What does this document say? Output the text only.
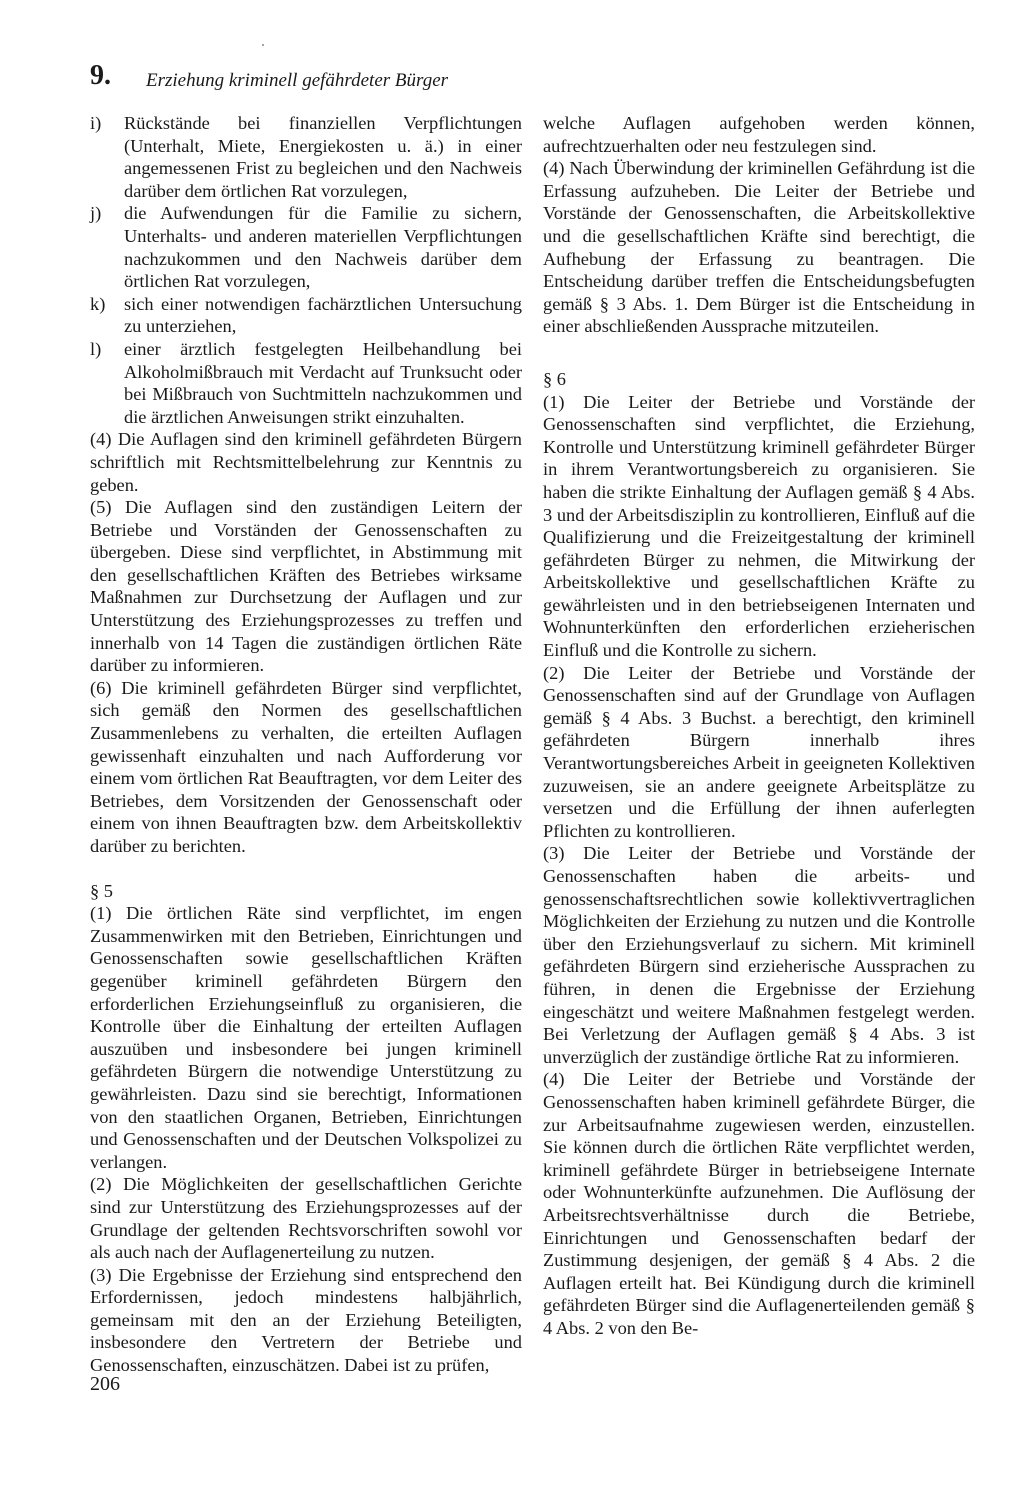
9. Erziehung kriminell gefährdeter Bürger

i) Rückstände bei finanziellen Verpflichtungen (Unterhalt, Miete, Energiekosten u. ä.) in einer angemessenen Frist zu begleichen und den Nachweis darüber dem örtlichen Rat vorzulegen,

j) die Aufwendungen für die Familie zu sichern, Unterhalts- und anderen materiellen Verpflichtungen nachzukommen und den Nachweis darüber dem örtlichen Rat vorzulegen,

k) sich einer notwendigen fachärztlichen Untersuchung zu unterziehen,

l) einer ärztlich festgelegten Heilbehandlung bei Alkoholmißbrauch mit Verdacht auf Trunksucht oder bei Mißbrauch von Suchtmitteln nachzukommen und die ärztlichen Anweisungen strikt einzuhalten.

(4) Die Auflagen sind den kriminell gefährdeten Bürgern schriftlich mit Rechtsmittelbelehrung zur Kenntnis zu geben.

(5) Die Auflagen sind den zuständigen Leitern der Betriebe und Vorständen der Genossenschaften zu übergeben. Diese sind verpflichtet, in Abstimmung mit den gesellschaftlichen Kräften des Betriebes wirksame Maßnahmen zur Durchsetzung der Auflagen und zur Unterstützung des Erziehungsprozesses zu treffen und innerhalb von 14 Tagen die zuständigen örtlichen Räte darüber zu informieren.

(6) Die kriminell gefährdeten Bürger sind verpflichtet, sich gemäß den Normen des gesellschaftlichen Zusammenlebens zu verhalten, die erteilten Auflagen gewissenhaft einzuhalten und nach Aufforderung vor einem vom örtlichen Rat Beauftragten, vor dem Leiter des Betriebes, dem Vorsitzenden der Genossenschaft oder einem von ihnen Beauftragten bzw. dem Arbeitskollektiv darüber zu berichten.

§ 5

(1) Die örtlichen Räte sind verpflichtet, im engen Zusammenwirken mit den Betrieben, Einrichtungen und Genossenschaften sowie gesellschaftlichen Kräften gegenüber kriminell gefährdeten Bürgern den erforderlichen Erziehungseinfluß zu organisieren, die Kontrolle über die Einhaltung der erteilten Auflagen auszuüben und insbesondere bei jungen kriminell gefährdeten Bürgern die notwendige Unterstützung zu gewährleisten. Dazu sind sie berechtigt, Informationen von den staatlichen Organen, Betrieben, Einrichtungen und Genossenschaften und der Deutschen Volkspolizei zu verlangen.

(2) Die Möglichkeiten der gesellschaftlichen Gerichte sind zur Unterstützung des Erziehungsprozesses auf der Grundlage der geltenden Rechtsvorschriften sowohl vor als auch nach der Auflagenerteilung zu nutzen.

(3) Die Ergebnisse der Erziehung sind entsprechend den Erfordernissen, jedoch mindestens halbjährlich, gemeinsam mit den an der Erziehung Beteiligten, insbesondere den Vertretern der Betriebe und Genossenschaften, einzuschätzen. Dabei ist zu prüfen,

welche Auflagen aufgehoben werden können, aufrechtzuerhalten oder neu festzulegen sind.

(4) Nach Überwindung der kriminellen Gefährdung ist die Erfassung aufzuheben. Die Leiter der Betriebe und Vorstände der Genossenschaften, die Arbeitskollektive und die gesellschaftlichen Kräfte sind berechtigt, die Aufhebung der Erfassung zu beantragen. Die Entscheidung darüber treffen die Entscheidungsbefugten gemäß § 3 Abs. 1. Dem Bürger ist die Entscheidung in einer abschließenden Aussprache mitzuteilen.

§ 6

(1) Die Leiter der Betriebe und Vorstände der Genossenschaften sind verpflichtet, die Erziehung, Kontrolle und Unterstützung kriminell gefährdeter Bürger in ihrem Verantwortungsbereich zu organisieren. Sie haben die strikte Einhaltung der Auflagen gemäß § 4 Abs. 3 und der Arbeitsdisziplin zu kontrollieren, Einfluß auf die Qualifizierung und die Freizeitgestaltung der kriminell gefährdeten Bürger zu nehmen, die Mitwirkung der Arbeitskollektive und gesellschaftlichen Kräfte zu gewährleisten und in den betriebseigenen Internaten und Wohnunterkünften den erforderlichen erzieherischen Einfluß und die Kontrolle zu sichern.

(2) Die Leiter der Betriebe und Vorstände der Genossenschaften sind auf der Grundlage von Auflagen gemäß § 4 Abs. 3 Buchst. a berechtigt, den kriminell gefährdeten Bürgern innerhalb ihres Verantwortungsbereiches Arbeit in geeigneten Kollektiven zuzuweisen, sie an andere geeignete Arbeitsplätze zu versetzen und die Erfüllung der ihnen auferlegten Pflichten zu kontrollieren.

(3) Die Leiter der Betriebe und Vorstände der Genossenschaften haben die arbeits- und genossenschaftsrechtlichen sowie kollektivvertraglichen Möglichkeiten der Erziehung zu nutzen und die Kontrolle über den Erziehungsverlauf zu sichern. Mit kriminell gefährdeten Bürgern sind erzieherische Aussprachen zu führen, in denen die Ergebnisse der Erziehung eingeschätzt und weitere Maßnahmen festgelegt werden. Bei Verletzung der Auflagen gemäß § 4 Abs. 3 ist unverzüglich der zuständige örtliche Rat zu informieren.

(4) Die Leiter der Betriebe und Vorstände der Genossenschaften haben kriminell gefährdete Bürger, die zur Arbeitsaufnahme zugewiesen werden, einzustellen. Sie können durch die örtlichen Räte verpflichtet werden, kriminell gefährdete Bürger in betriebseigene Internate oder Wohnunterkünfte aufzunehmen. Die Auflösung der Arbeitsrechtsverhältnisse durch die Betriebe, Einrichtungen und Genossenschaften bedarf der Zustimmung desjenigen, der gemäß § 4 Abs. 2 die Auflagen erteilt hat. Bei Kündigung durch die kriminell gefährdeten Bürger sind die Auflagenerteilenden gemäß § 4 Abs. 2 von den Be-

206
